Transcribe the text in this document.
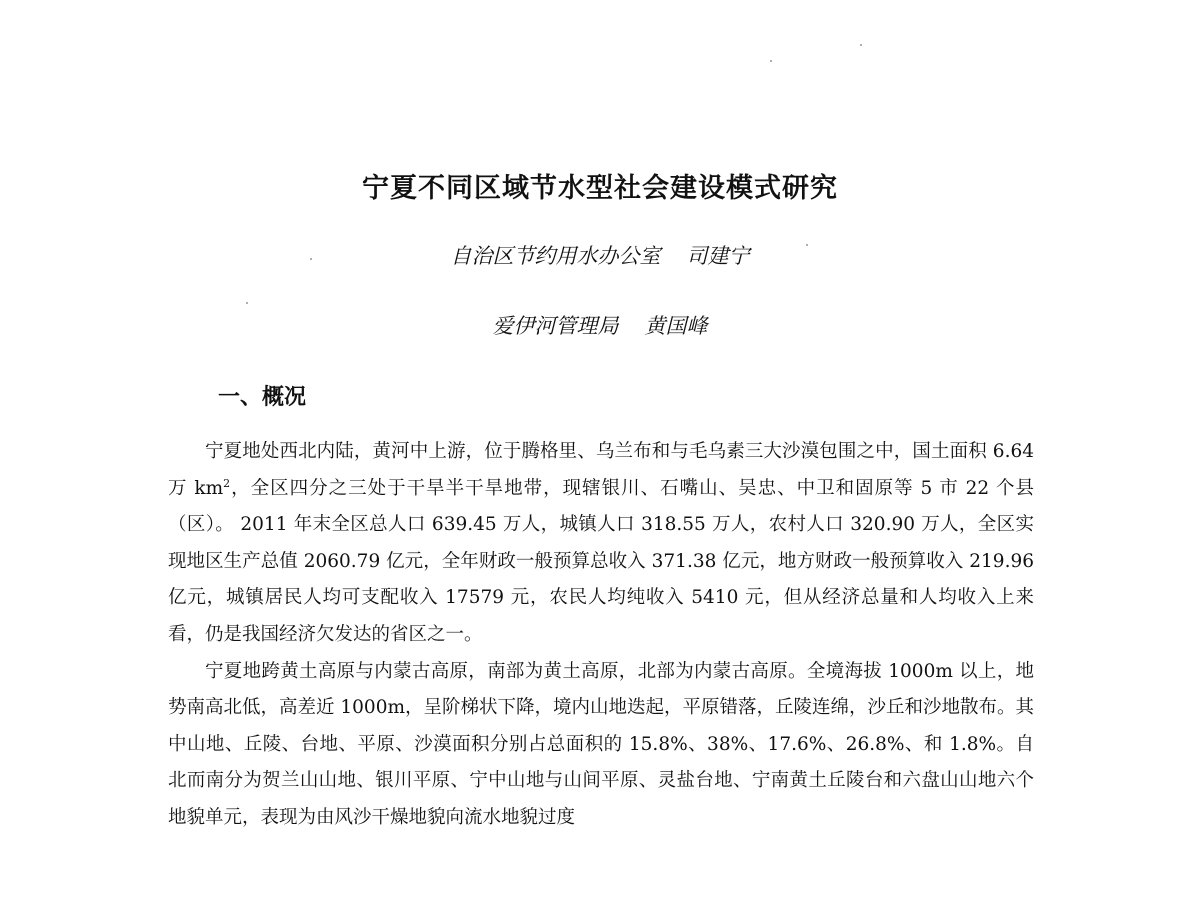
宁夏不同区域节水型社会建设模式研究
自治区节约用水办公室 司建宁
爱伊河管理局 黄国峰
一、概况

宁夏地处西北内陆，黄河中上游，位于腾格里、乌兰布和与毛乌素三大沙漠包围之中，国土面积 6.64 万 $km^2$，全区四分之三处于干旱半干旱地带，现辖银川、石嘴山、吴忠、中卫和固原等 5 市 22 个县（区）。 2011 年末全区总人口 639.45 万人，城镇人口 318.55 万人，农村人口 320.90 万人，全区实现地区生产总值 2060.79 亿元，全年财政一般预算总收入 371.38 亿元，地方财政一般预算收入 219.96 亿元，城镇居民人均可支配收入 17579 元，农民人均纯收入 5410 元，但从经济总量和人均收入上来看，仍是我国经济欠发达的省区之一。

宁夏地跨黄土高原与内蒙古高原，南部为黄土高原，北部为内蒙古高原。全境海拔 1000m 以上，地势南高北低，高差近 1000m，呈阶梯状下降，境内山地迭起，平原错落，丘陵连绵，沙丘和沙地散布。其中山地、丘陵、台地、平原、沙漠面积分别占总面积的 15.8%、38%、17.6%、26.8%、和 1.8%。自北而南分为贺兰山山地、银川平原、宁中山地与山间平原、灵盐台地、宁南黄土丘陵台和六盘山山地六个地貌单元，表现为由风沙干燥地貌向流水地貌过度
